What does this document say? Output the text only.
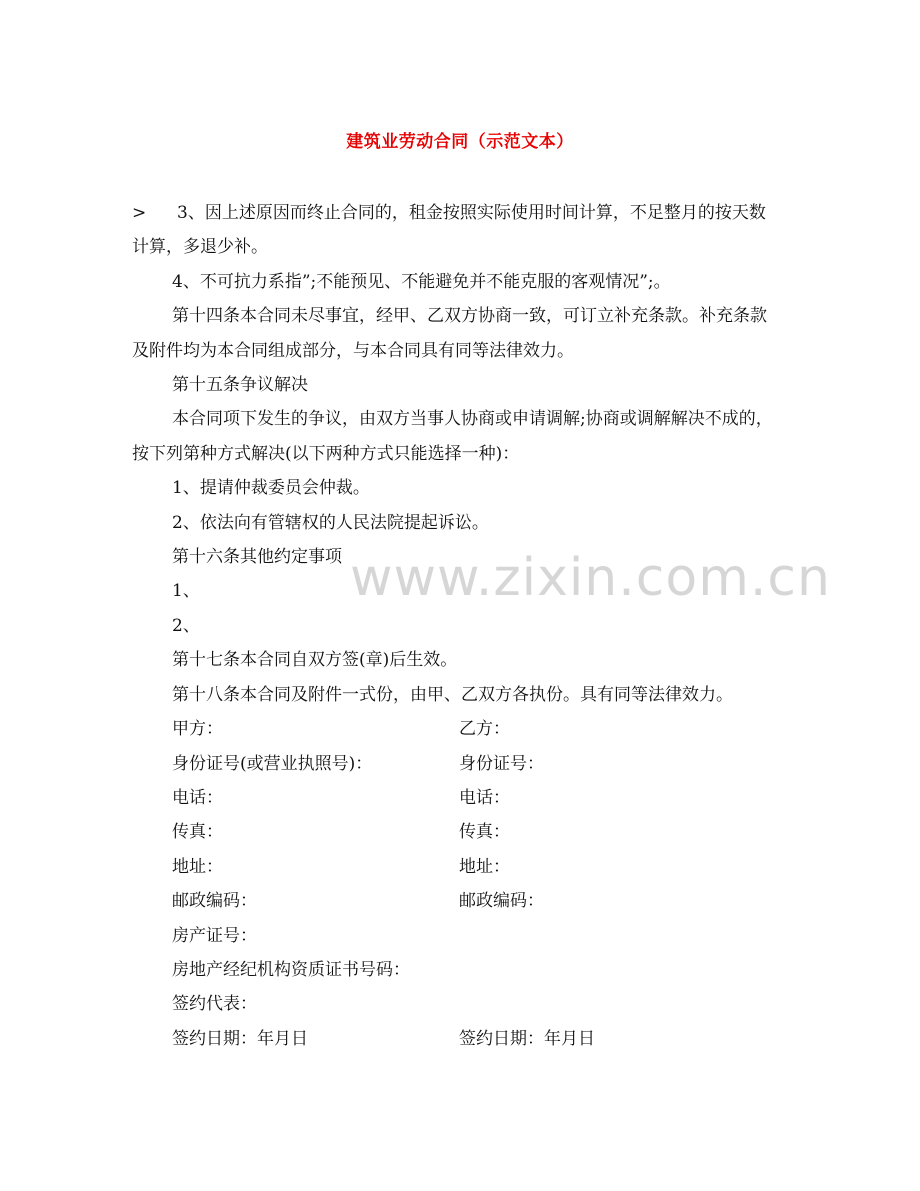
建筑业劳动合同（示范文本）

> 3、因上述原因而终止合同的，租金按照实际使用时间计算，不足整月的按天数计算，多退少补。

4、不可抗力系指”;不能预见、不能避免并不能克服的客观情况”;。

第十四条本合同未尽事宜，经甲、乙双方协商一致，可订立补充条款。补充条款及附件均为本合同组成部分，与本合同具有同等法律效力。

第十五条争议解决

本合同项下发生的争议，由双方当事人协商或申请调解;协商或调解解决不成的，按下列第种方式解决(以下两种方式只能选择一种)：

1、提请仲裁委员会仲裁。

2、依法向有管辖权的人民法院提起诉讼。

第十六条其他约定事项

1、

2、

第十七条本合同自双方签(章)后生效。

第十八条本合同及附件一式份，由甲、乙双方各执份。具有同等法律效力。

甲方：	乙方：
身份证号(或营业执照号)：	身份证号：
电话：	电话：
传真：	传真：
地址：	地址：
邮政编码：	邮政编码：
房产证号：
房地产经纪机构资质证书号码：
签约代表：
签约日期：年月日	签约日期：年月日
www.zixin.com.cn
